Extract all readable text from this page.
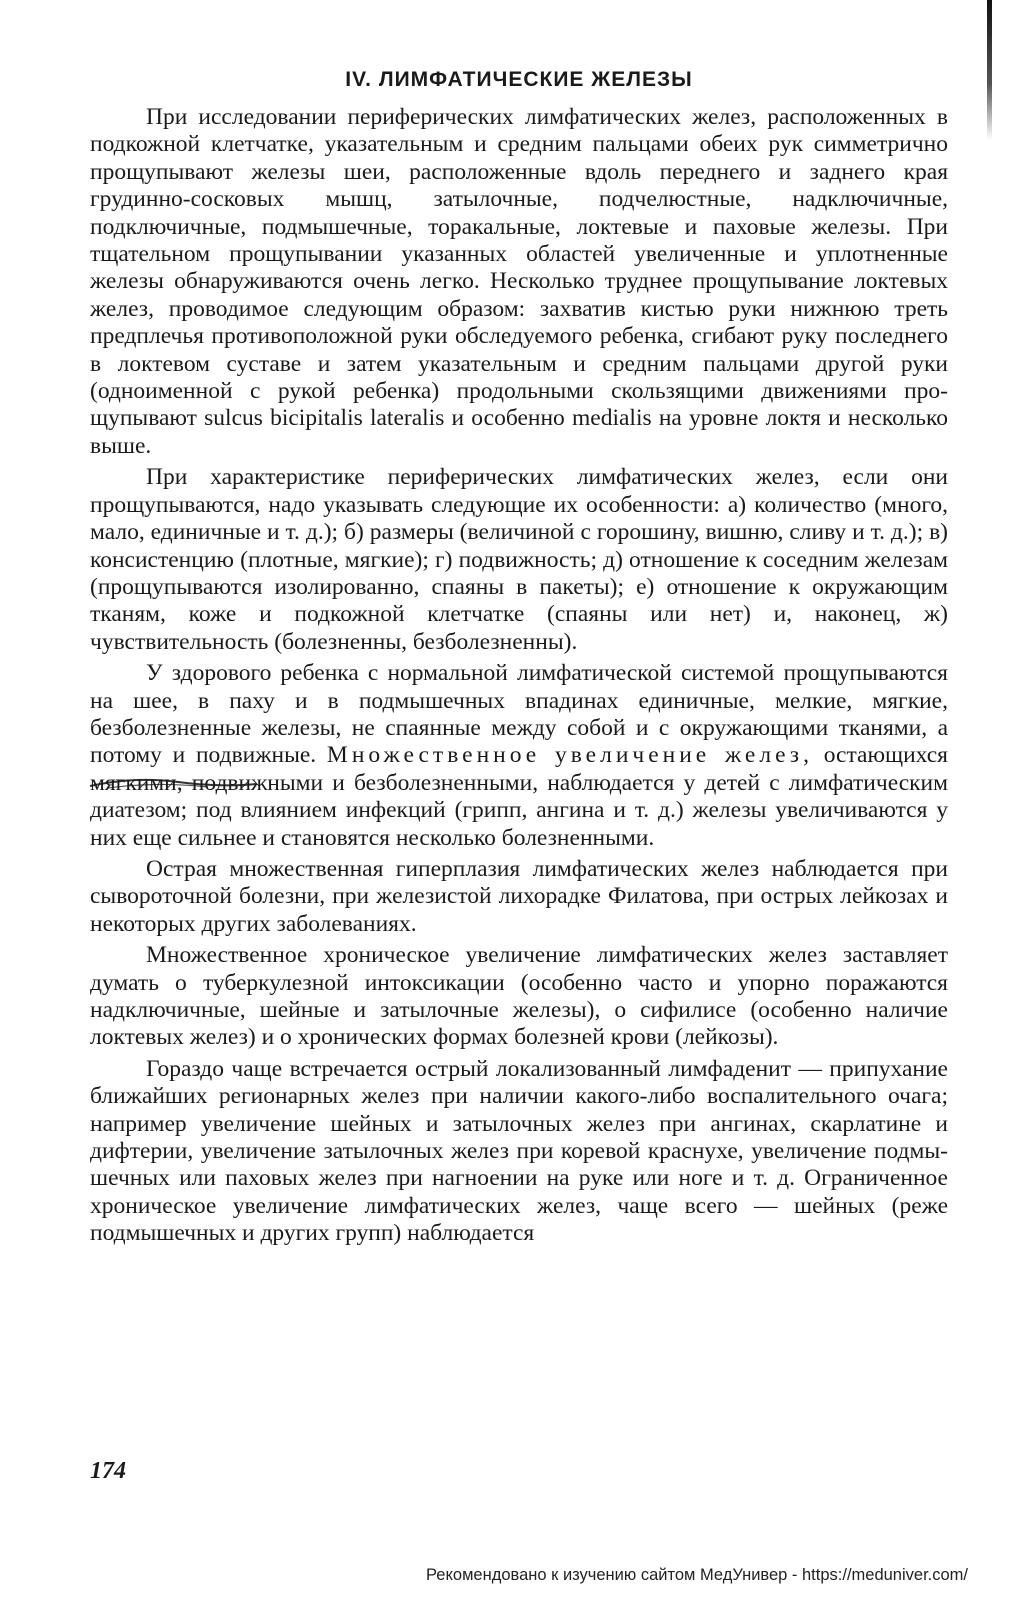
IV. ЛИМФАТИЧЕСКИЕ ЖЕЛЕЗЫ

При исследовании периферических лимфатических желез, расположенных в подкожной клетчатке, указательным и средним пальцами обеих рук симметрично прощупывают железы шеи, расположенные вдоль переднего и заднего края грудинно-сосковых мышц, затылочные, подчелюстные, надключичные, подключичные, подмышечные, торакальные, локтевые и паховые железы. При тщательном прощупывании указанных областей увеличенные и уплотненные железы обнаруживаются очень легко. Несколько труднее прощупывание локтевых желез, проводимое следующим образом: захватив кистью руки нижнюю треть предплечья противоположной руки обследуемого ребенка, сгибают руку последнего в локтевом суставе и затем указательным и средним пальцами другой руки (одноименной с рукой ребенка) продольными скользящими движениями прощупывают sulcus bicipitalis lateralis и особенно medialis на уровне локтя и несколько выше.

При характеристике периферических лимфатических желез, если они прощупываются, надо указывать следующие их особенности: а) количество (много, мало, единичные и т. д.); б) размеры (величиной с горошину, вишню, сливу и т. д.); в) консистенцию (плотные, мягкие); г) подвижность; д) отношение к соседним железам (прощупываются изолированно, спаяны в пакеты); е) отношение к окружающим тканям, коже и подкожной клетчатке (спаяны или нет) и, наконец, ж) чувствительность (болезненны, безболезненны).

У здорового ребенка с нормальной лимфатической системой прощупываются на шее, в паху и в подмышечных впадинах единичные, мелкие, мягкие, безболезненные железы, не спаянные между собой и с окружающими тканями, а потому и подвижные. Множественное увеличение желез, остающихся мягкими, подвижными и безболезненными, наблюдается у детей с лимфатическим диатезом; под влиянием инфекций (грипп, ангина и т. д.) железы увеличиваются у них еще сильнее и становятся несколько болезненными.

Острая множественная гиперплазия лимфатических желез наблюдается при сывороточной болезни, при железистой лихорадке Филатова, при острых лейкозах и некоторых других заболеваниях.

Множественное хроническое увеличение лимфатических желез заставляет думать о туберкулезной интоксикации (особенно часто и упорно поражаются надключичные, шейные и затылочные железы), о сифилисе (особенно наличие локтевых желез) и о хронических формах болезней крови (лейкозы).

Гораздо чаще встречается острый локализованный лимфаденит — припухание ближайших регионарных желез при наличии какого-либо воспалительного очага; например увеличение шейных и затылочных желез при ангинах, скарлатине и дифтерии, увеличение затылочных желез при коревой краснухе, увеличение подмышечных или паховых желез при нагноении на руке или ноге и т. д. Ограниченное хроническое увеличение лимфатических желез, чаще всего — шейных (реже подмышечных и других групп) наблюдается

174
Рекомендовано к изучению сайтом МедУнивер - https://meduniver.com/
